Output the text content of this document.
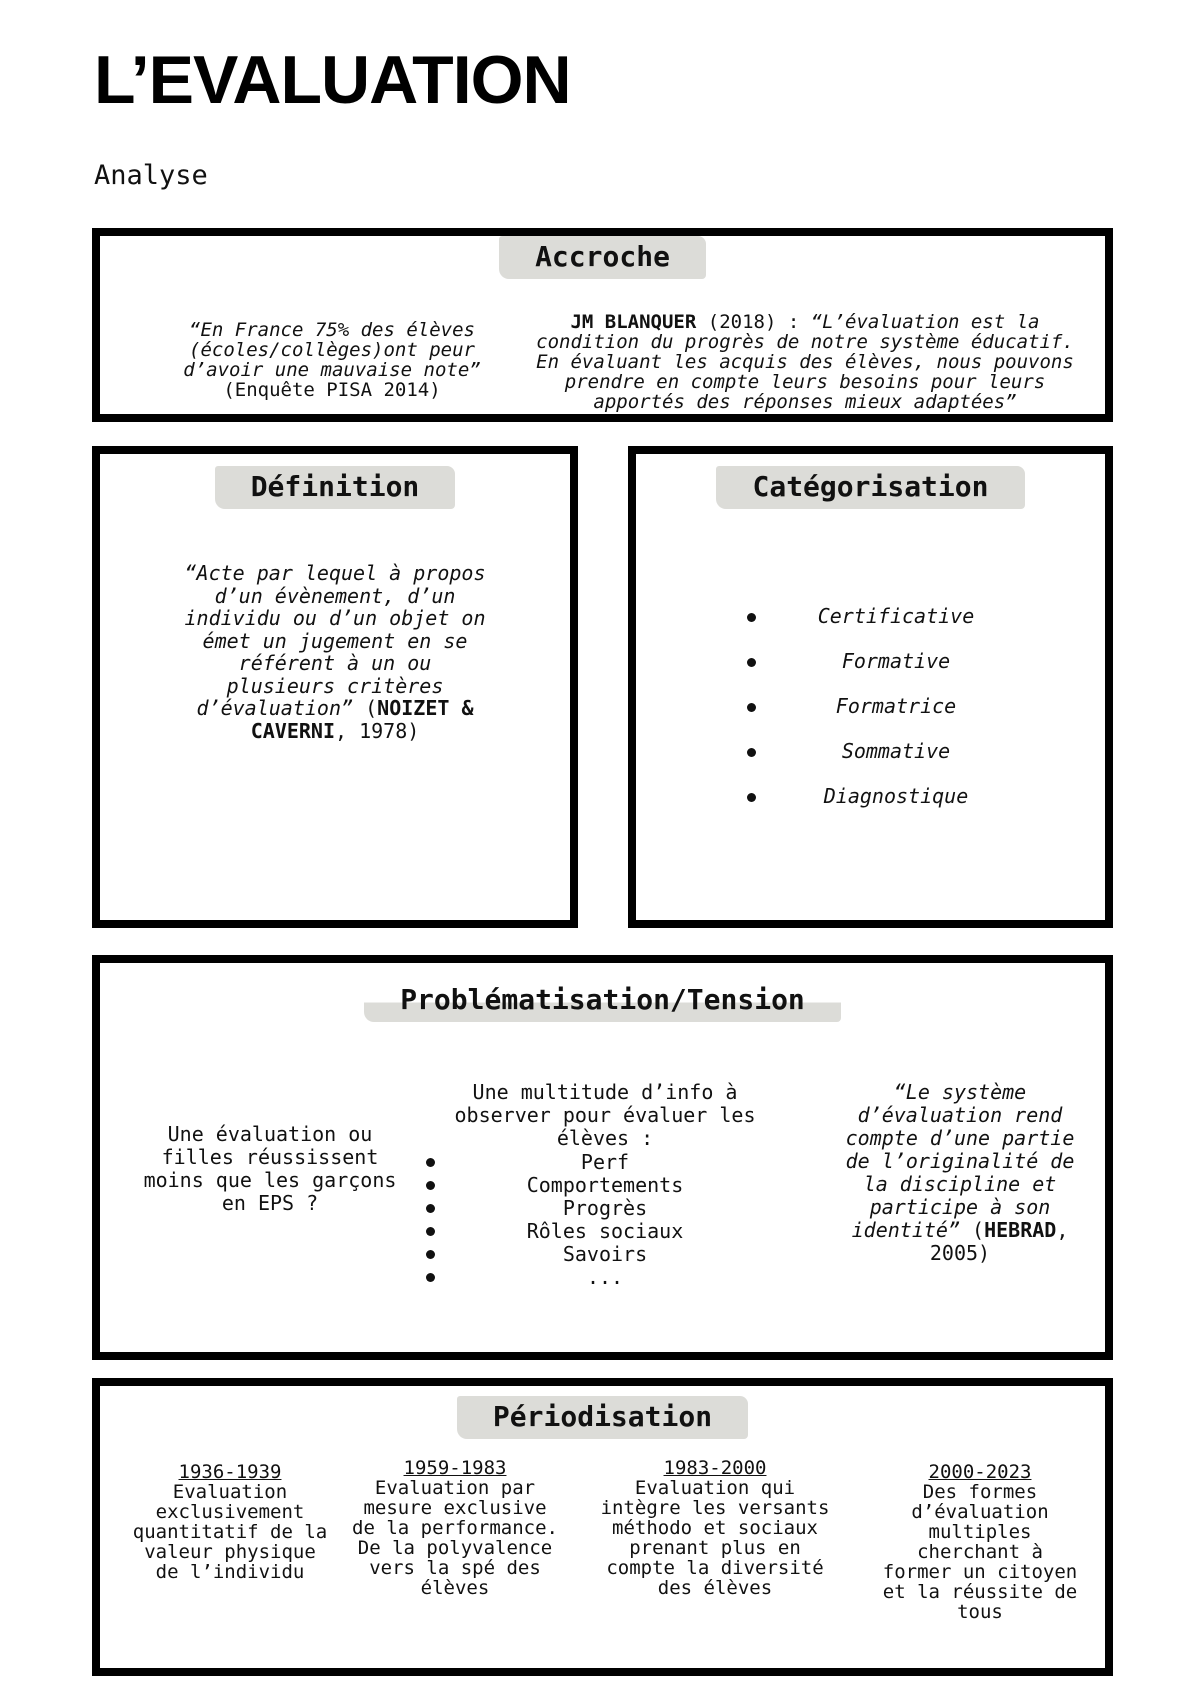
L’EVALUATION
Analyse
Accroche
“En France 75% des élèves (écoles/collèges)ont peur d’avoir une mauvaise note”
(Enquête PISA 2014)
JM BLANQUER (2018) : “L’évaluation est la condition du progrès de notre système éducatif. En évaluant les acquis des élèves, nous pouvons prendre en compte leurs besoins pour leurs apportés des réponses mieux adaptées”
Définition
“Acte par lequel à propos d’un évènement, d’un individu ou d’un objet on émet un jugement en se référent à un ou plusieurs critères d’évaluation” (NOIZET & CAVERNI, 1978)
Catégorisation
Certificative
Formative
Formatrice
Sommative
Diagnostique
Problématisation/Tension
Une évaluation ou filles réussissent moins que les garçons en EPS ?
Une multitude d’info à observer pour évaluer les élèves :
Perf
Comportements
Progrès
Rôles sociaux
Savoirs
...
“Le système d’évaluation rend compte d’une partie de l’originalité de la discipline et participe à son identité” (HEBRAD, 2005)
Périodisation
1936-1939
Evaluation exclusivement quantitatif de la valeur physique de l’individu
1959-1983
Evaluation par mesure exclusive de la performance. De la polyvalence vers la spé des élèves
1983-2000
Evaluation qui intègre les versants méthodo et sociaux prenant plus en compte la diversité des élèves
2000-2023
Des formes d’évaluation multiples cherchant à former un citoyen et la réussite de tous
